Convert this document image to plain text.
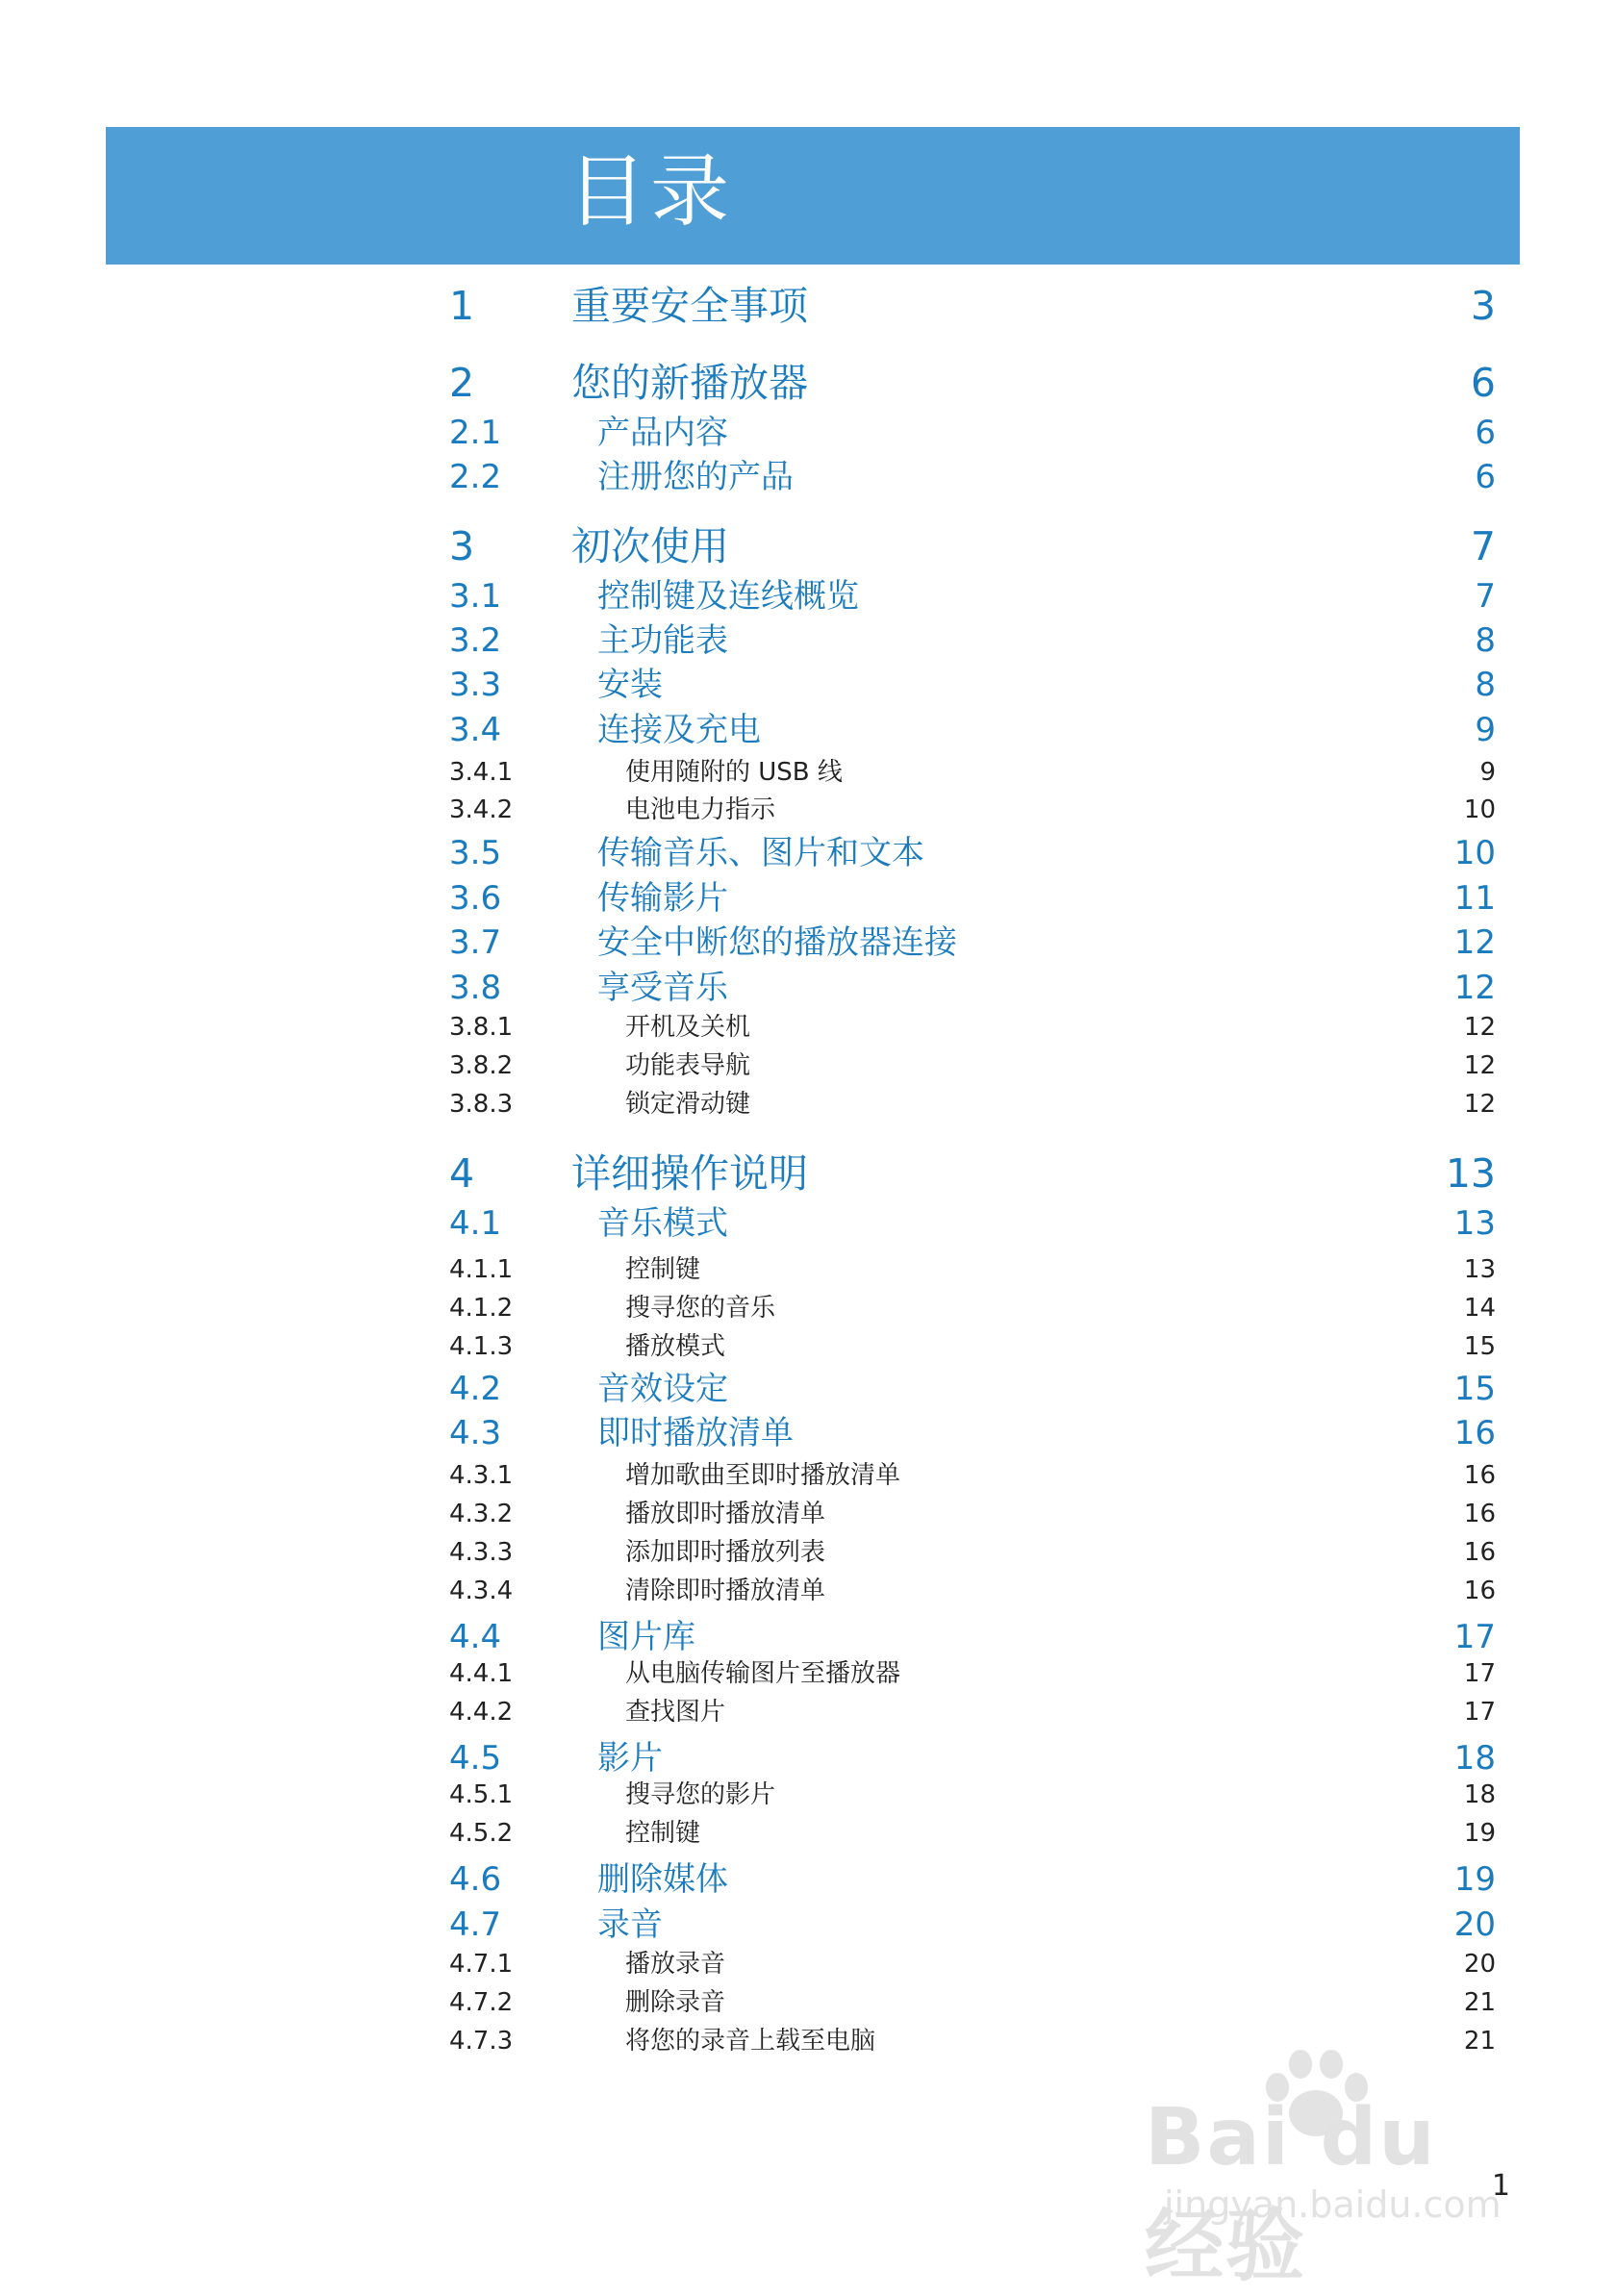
目录
1 重要安全事项	3
2 您的新播放器	6
2.1	产品内容	6
2.2	注册您的产品	6
3 初次使用	7
3.1	控制键及连线概览	7
3.2	主功能表	8
3.3	安装	8
3.4	连接及充电	9
3.4.1	使用随附的 USB 线	9
3.4.2	电池电力指示	10
3.5	传输音乐、图片和文本	10
3.6	传输影片	11
3.7	安全中断您的播放器连接	12
3.8	享受音乐	12
3.8.1	开机及关机	12
3.8.2	功能表导航	12
3.8.3	锁定滑动键	12
4 详细操作说明	13
4.1	音乐模式	13
4.1.1	控制键	13
4.1.2	搜寻您的音乐	14
4.1.3	播放模式	15
4.2	音效设定	15
4.3	即时播放清单	16
4.3.1	增加歌曲至即时播放清单	16
4.3.2	播放即时播放清单	16
4.3.3	添加即时播放列表	16
4.3.4	清除即时播放清单	16
4.4	图片库	17
4.4.1	从电脑传输图片至播放器	17
4.4.2	查找图片	17
4.5	影片	18
4.5.1	搜寻您的影片	18
4.5.2	控制键	19
4.6	删除媒体	19
4.7	录音	20
4.7.1	播放录音	20
4.7.2	删除录音	21
4.7.3	将您的录音上载至电脑	21
1
Bai du 经验
jingyan.baidu.com
